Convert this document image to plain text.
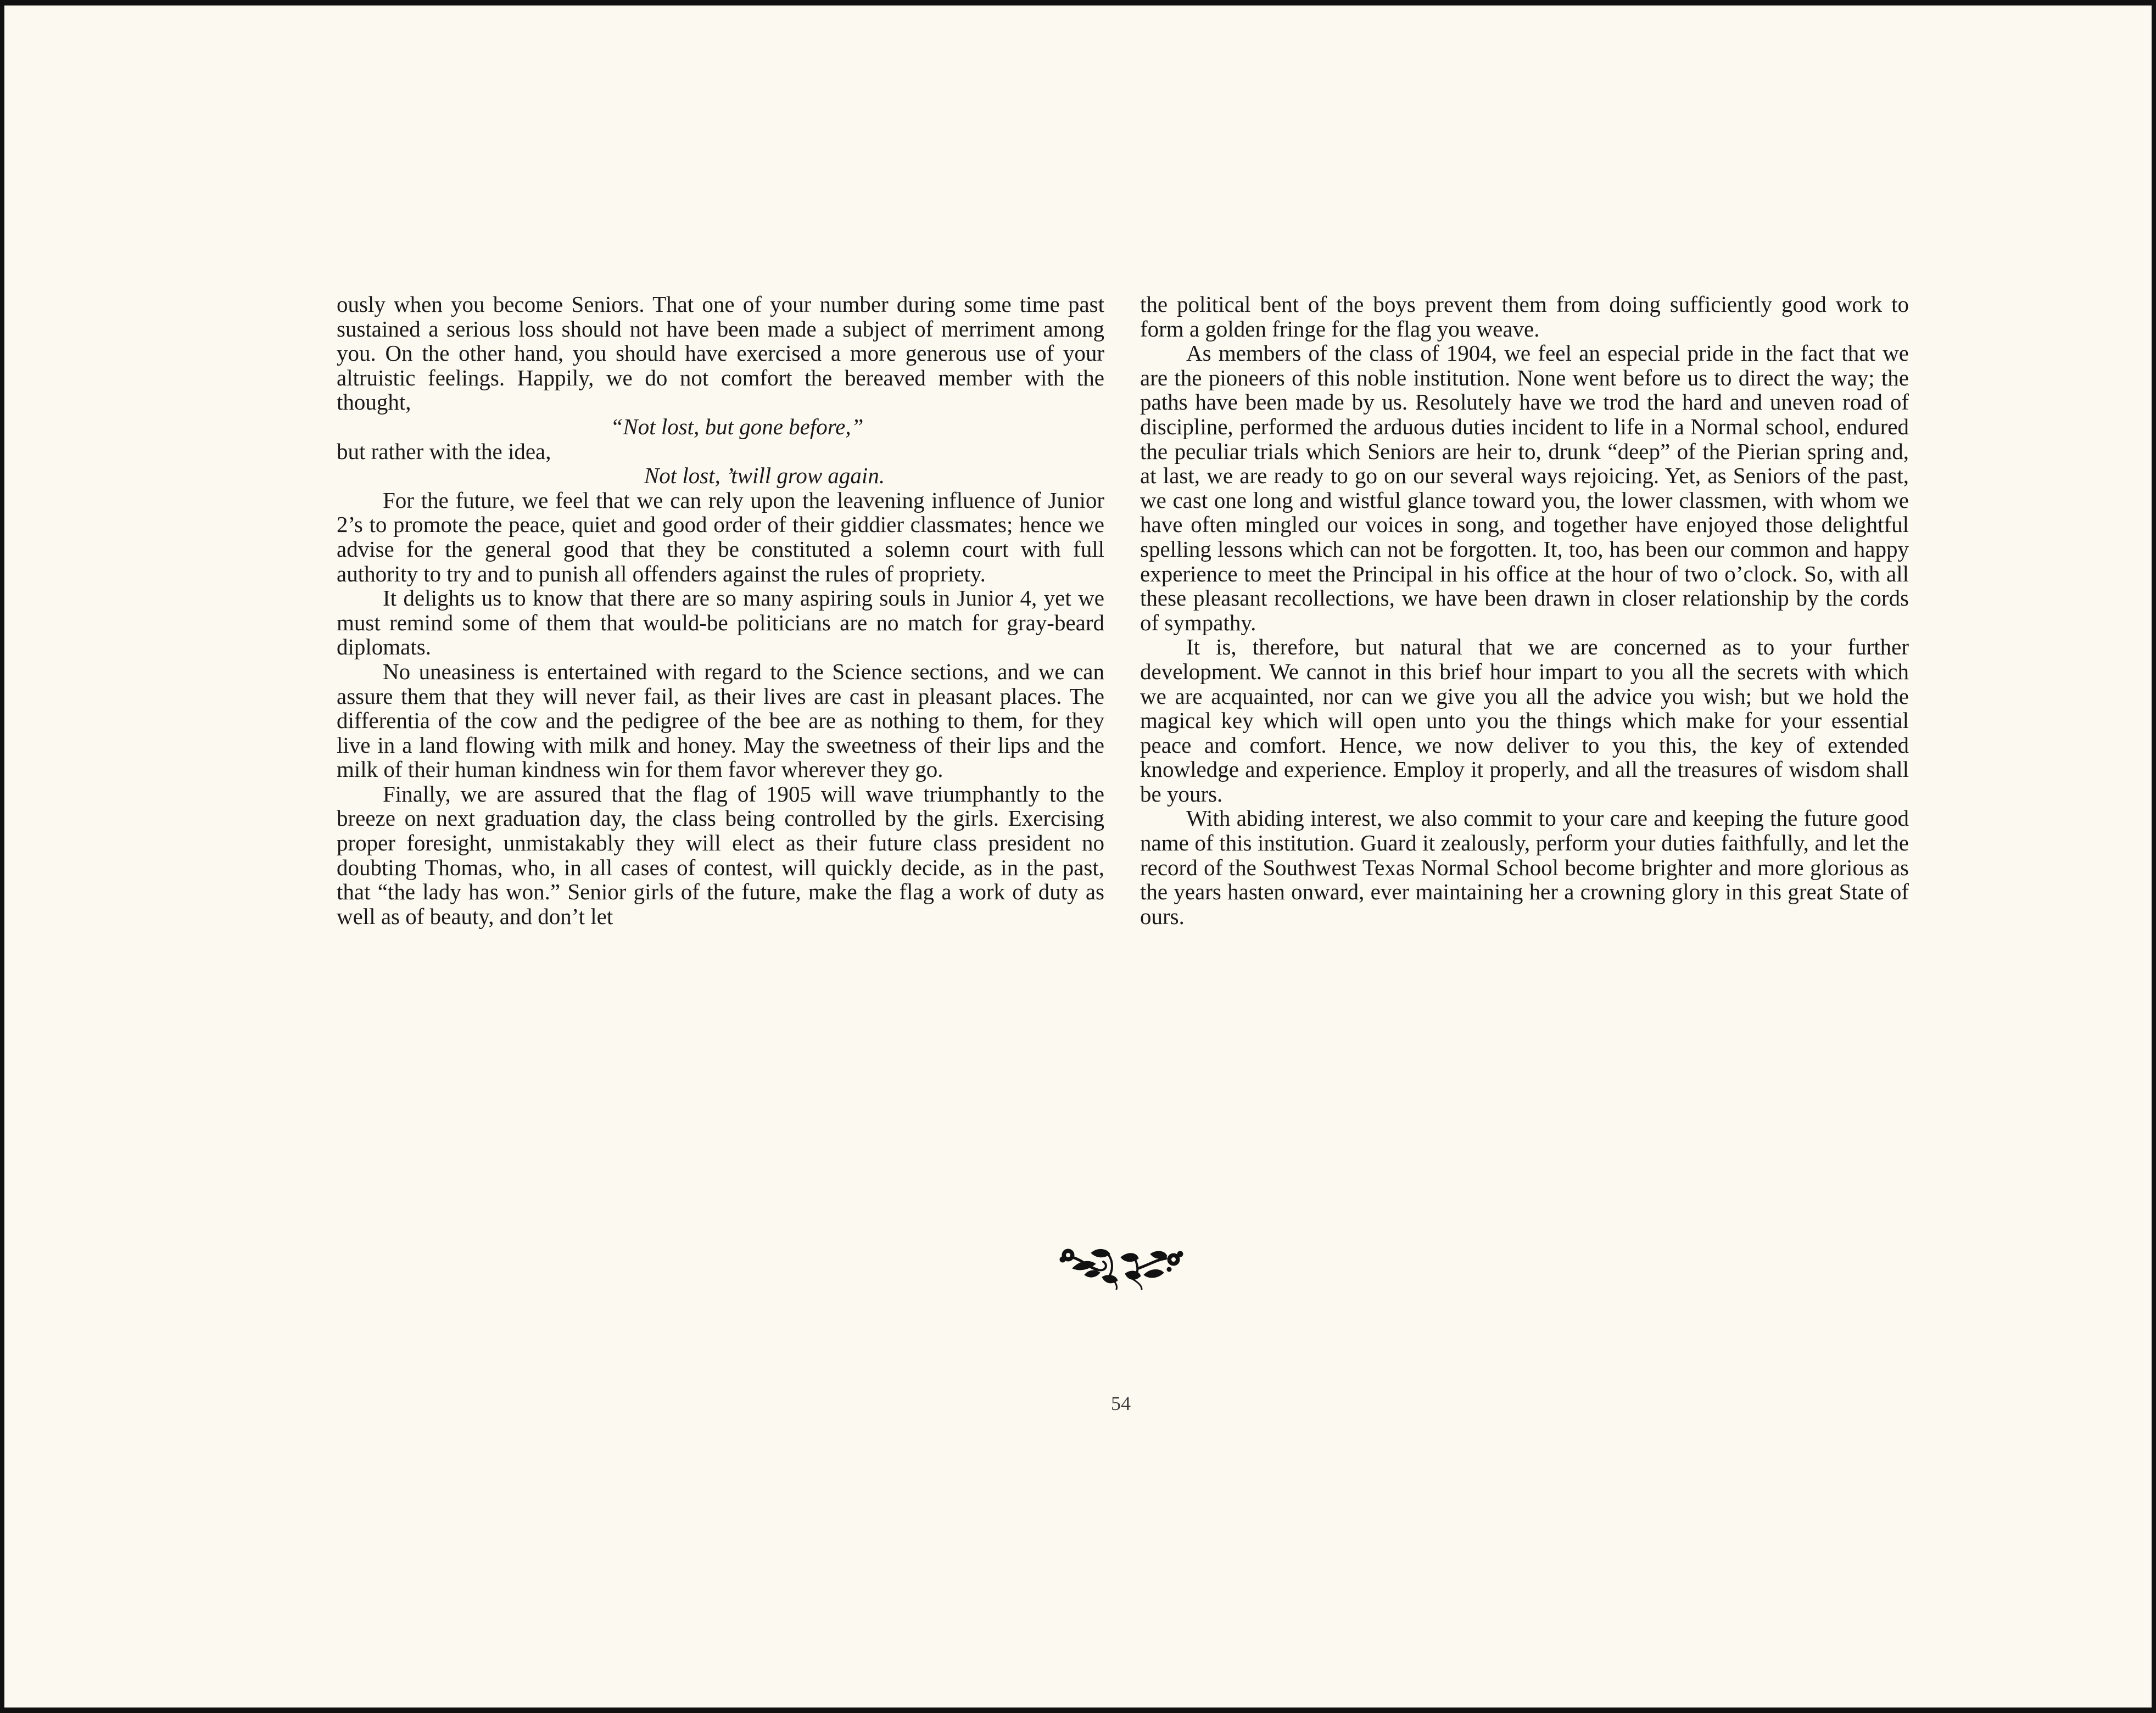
ously when you become Seniors. That one of your number during some time past sustained a serious loss should not have been made a subject of merriment among you. On the other hand, you should have exercised a more generous use of your altruistic feelings. Happily, we do not comfort the bereaved member with the thought,

“Not lost, but gone before,”

but rather with the idea,

Not lost, ’twill grow again.

For the future, we feel that we can rely upon the leavening influence of Junior 2’s to promote the peace, quiet and good order of their giddier classmates; hence we advise for the general good that they be constituted a solemn court with full authority to try and to punish all offenders against the rules of propriety.

It delights us to know that there are so many aspiring souls in Junior 4, yet we must remind some of them that would-be politicians are no match for gray-beard diplomats.

No uneasiness is entertained with regard to the Science sections, and we can assure them that they will never fail, as their lives are cast in pleasant places. The differentia of the cow and the pedigree of the bee are as nothing to them, for they live in a land flowing with milk and honey. May the sweetness of their lips and the milk of their human kindness win for them favor wherever they go.

Finally, we are assured that the flag of 1905 will wave triumphantly to the breeze on next graduation day, the class being controlled by the girls. Exercising proper foresight, unmistakably they will elect as their future class president no doubting Thomas, who, in all cases of contest, will quickly decide, as in the past, that “the lady has won.” Senior girls of the future, make the flag a work of duty as well as of beauty, and don’t let

the political bent of the boys prevent them from doing sufficiently good work to form a golden fringe for the flag you weave.

As members of the class of 1904, we feel an especial pride in the fact that we are the pioneers of this noble institution. None went before us to direct the way; the paths have been made by us. Resolutely have we trod the hard and uneven road of discipline, performed the arduous duties incident to life in a Normal school, endured the peculiar trials which Seniors are heir to, drunk “deep” of the Pierian spring and, at last, we are ready to go on our several ways rejoicing. Yet, as Seniors of the past, we cast one long and wistful glance toward you, the lower classmen, with whom we have often mingled our voices in song, and together have enjoyed those delightful spelling lessons which can not be forgotten. It, too, has been our common and happy experience to meet the Principal in his office at the hour of two o’clock. So, with all these pleasant recollections, we have been drawn in closer relationship by the cords of sympathy.

It is, therefore, but natural that we are concerned as to your further development. We cannot in this brief hour impart to you all the secrets with which we are acquainted, nor can we give you all the advice you wish; but we hold the magical key which will open unto you the things which make for your essential peace and comfort. Hence, we now deliver to you this, the key of extended knowledge and experience. Employ it properly, and all the treasures of wisdom shall be yours.

With abiding interest, we also commit to your care and keeping the future good name of this institution. Guard it zealously, perform your duties faithfully, and let the record of the Southwest Texas Normal School become brighter and more glorious as the years hasten onward, ever maintaining her a crowning glory in this great State of ours.

54
